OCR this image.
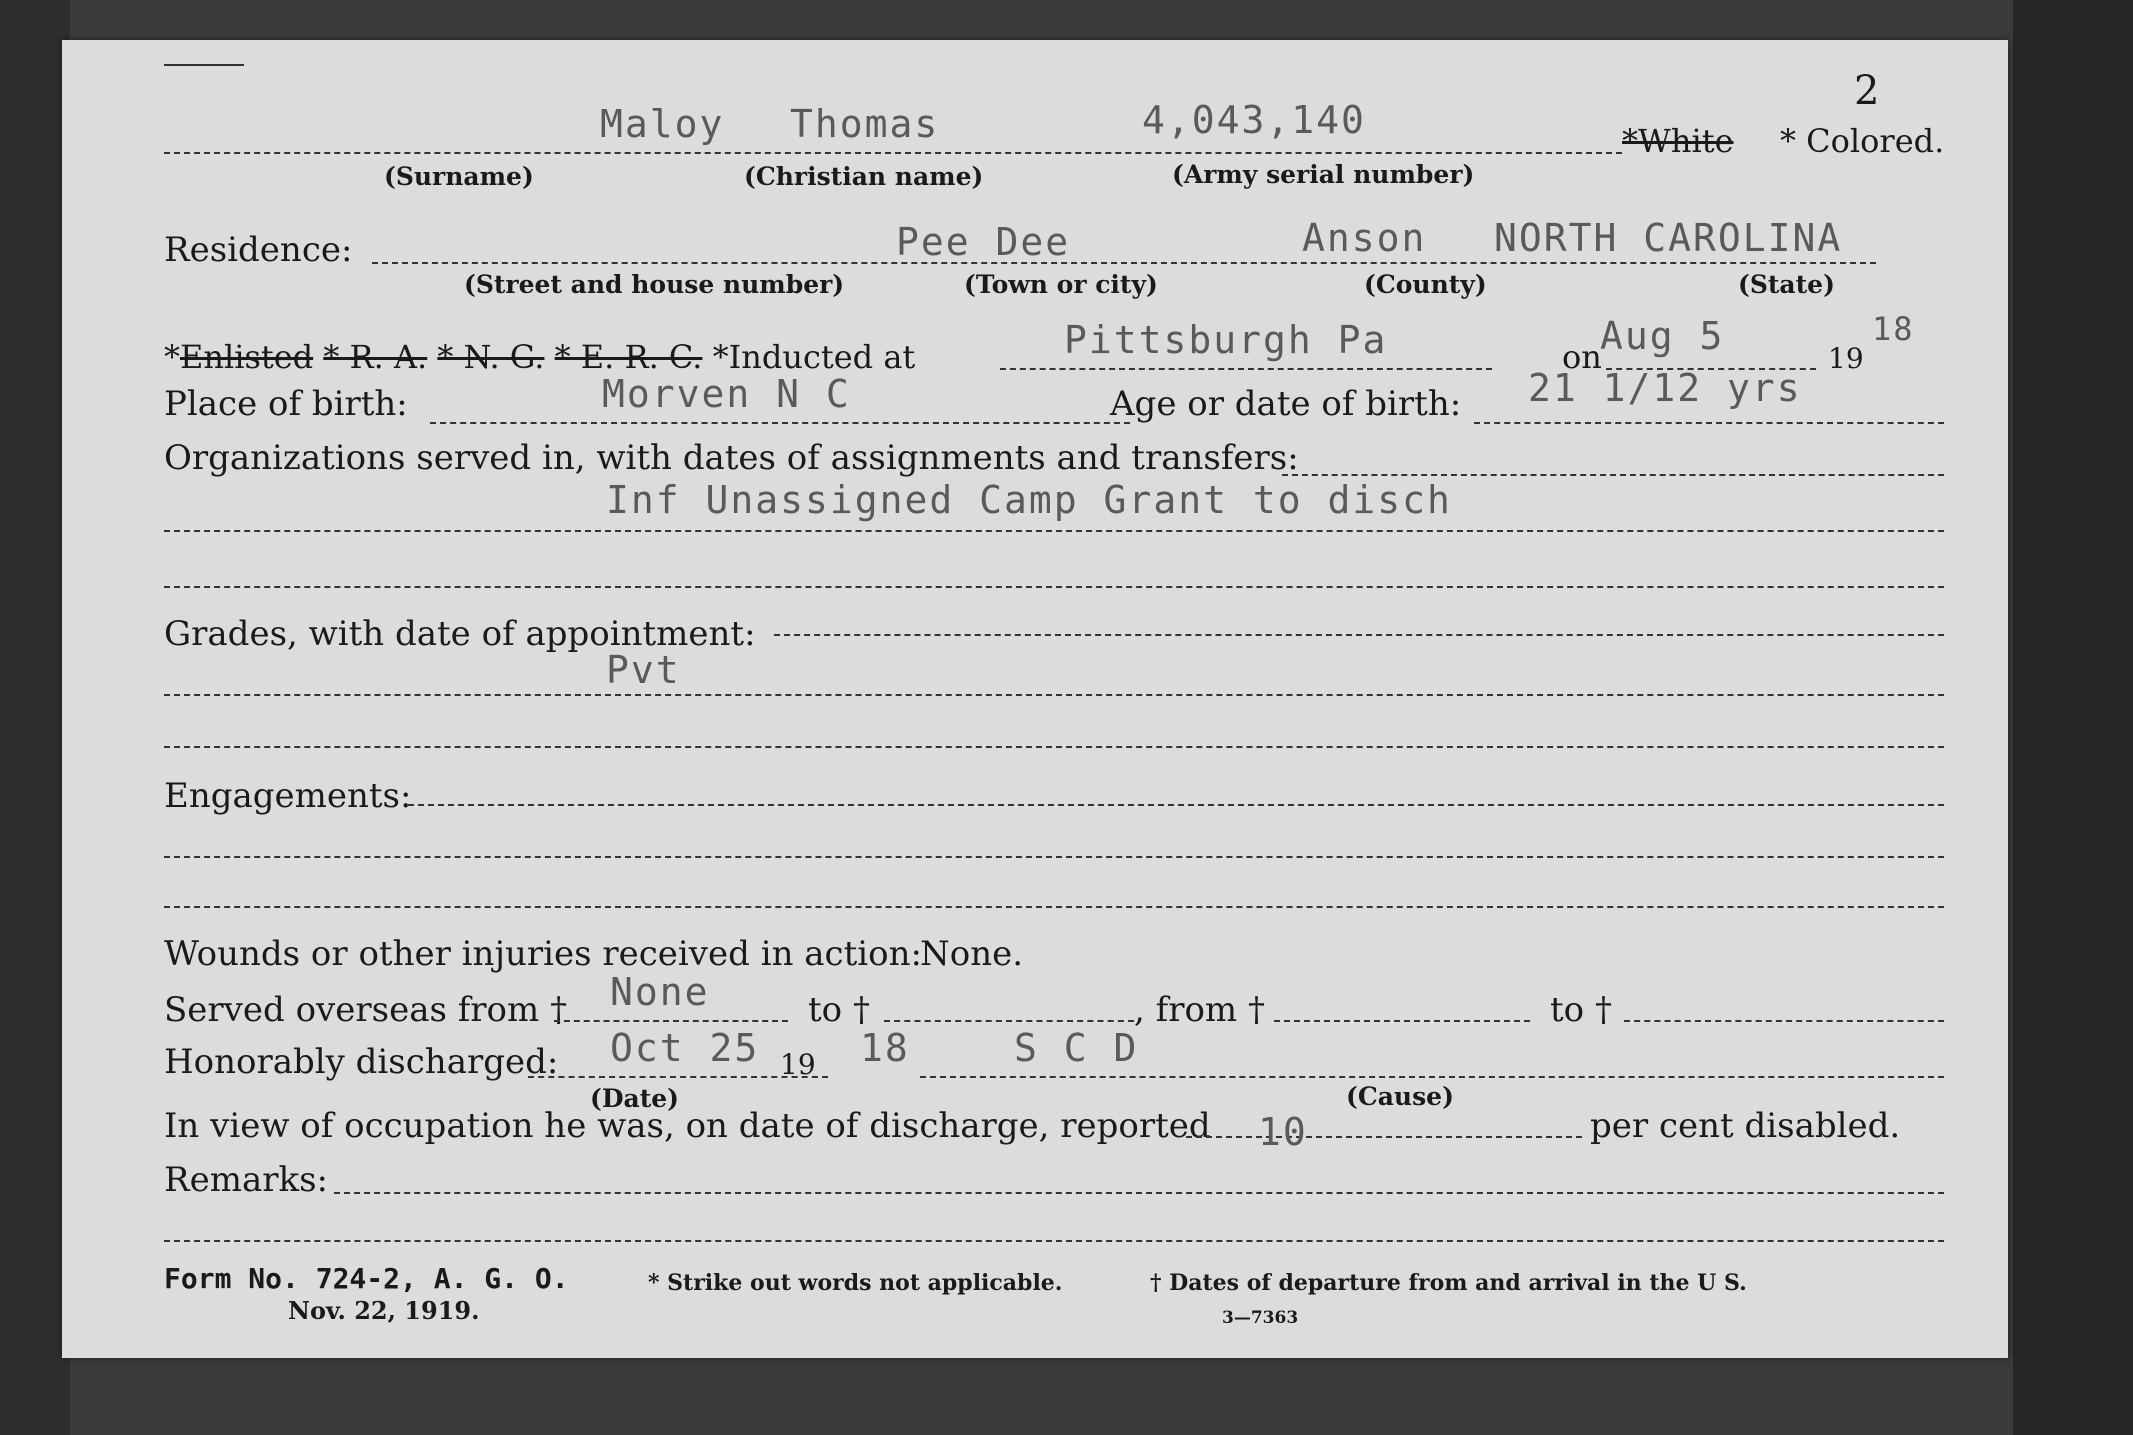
2
Maloy Thomas	4,043,140	*White * Colored.
(Surname)	(Christian name)	(Army serial number)
Residence:	Pee Dee	Anson NORTH CAROLINA
(Street and house number)	(Town or city)	(County)	(State)
*Enlisted * R. A. * N. G. * E. R. C. *Inducted at	Pittsburgh Pa	on
Aug 5
19
18
Place of birth:	Morven N C	Age or date of birth: 21 1/12 yrs
Organizations served in, with dates of assignments and transfers:
Inf Unassigned Camp Grant to disch
Grades, with date of appointment:
Pvt
Engagements:
Wounds or other injuries received in action:
None.
Served overseas from † None	to †	, from †	to †
Honorably discharged: Oct 25 19 18	S C D
(Date)	(Cause)
In view of occupation he was, on date of discharge, reported 10	per cent disabled.
Remarks:
Form No. 724-2, A. G. O.
Nov. 22, 1919.
* Strike out words not applicable.	† Dates of departure from and arrival in the U S.
3—7363
